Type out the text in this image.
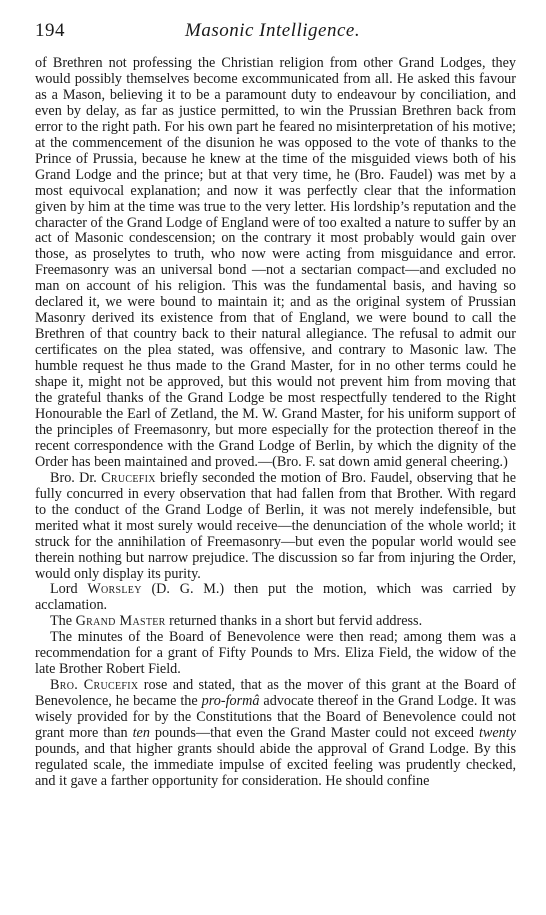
194	Masonic Intelligence.

of Brethren not professing the Christian religion from other Grand Lodges, they would possibly themselves become excommunicated from all. He asked this favour as a Mason, believing it to be a paramount duty to endeavour by conciliation, and even by delay, as far as justice permitted, to win the Prussian Brethren back from error to the right path. For his own part he feared no misinterpretation of his motive; at the commencement of the disunion he was opposed to the vote of thanks to the Prince of Prussia, because he knew at the time of the misguided views both of his Grand Lodge and the prince; but at that very time, he (Bro. Faudel) was met by a most equivocal explanation; and now it was perfectly clear that the information given by him at the time was true to the very letter. His lordship’s reputation and the character of the Grand Lodge of England were of too exalted a nature to suffer by an act of Masonic condescension; on the contrary it most probably would gain over those, as proselytes to truth, who now were acting from misguidance and error. Freemasonry was an universal bond —not a sectarian compact—and excluded no man on account of his religion. This was the fundamental basis, and having so declared it, we were bound to maintain it; and as the original system of Prussian Masonry derived its existence from that of England, we were bound to call the Brethren of that country back to their natural allegiance. The refusal to admit our certificates on the plea stated, was offensive, and contrary to Masonic law. The humble request he thus made to the Grand Master, for in no other terms could he shape it, might not be approved, but this would not prevent him from moving that the grateful thanks of the Grand Lodge be most respectfully tendered to the Right Honourable the Earl of Zetland, the M. W. Grand Master, for his uniform support of the principles of Freemasonry, but more especially for the protection thereof in the recent correspondence with the Grand Lodge of Berlin, by which the dignity of the Order has been maintained and proved.—(Bro. F. sat down amid general cheering.)

Bro. Dr. Crucefix briefly seconded the motion of Bro. Faudel, observing that he fully concurred in every observation that had fallen from that Brother. With regard to the conduct of the Grand Lodge of Berlin, it was not merely indefensible, but merited what it most surely would receive—the denunciation of the whole world; it struck for the annihilation of Freemasonry—but even the popular world would see therein nothing but narrow prejudice. The discussion so far from injuring the Order, would only display its purity.

Lord Worsley (D. G. M.) then put the motion, which was carried by acclamation.

The Grand Master returned thanks in a short but fervid address.

The minutes of the Board of Benevolence were then read; among them was a recommendation for a grant of Fifty Pounds to Mrs. Eliza Field, the widow of the late Brother Robert Field.

Bro. Crucefix rose and stated, that as the mover of this grant at the Board of Benevolence, he became the pro-formâ advocate thereof in the Grand Lodge. It was wisely provided for by the Constitutions that the Board of Benevolence could not grant more than ten pounds—that even the Grand Master could not exceed twenty pounds, and that higher grants should abide the approval of Grand Lodge. By this regulated scale, the immediate impulse of excited feeling was prudently checked, and it gave a farther opportunity for consideration. He should confine
